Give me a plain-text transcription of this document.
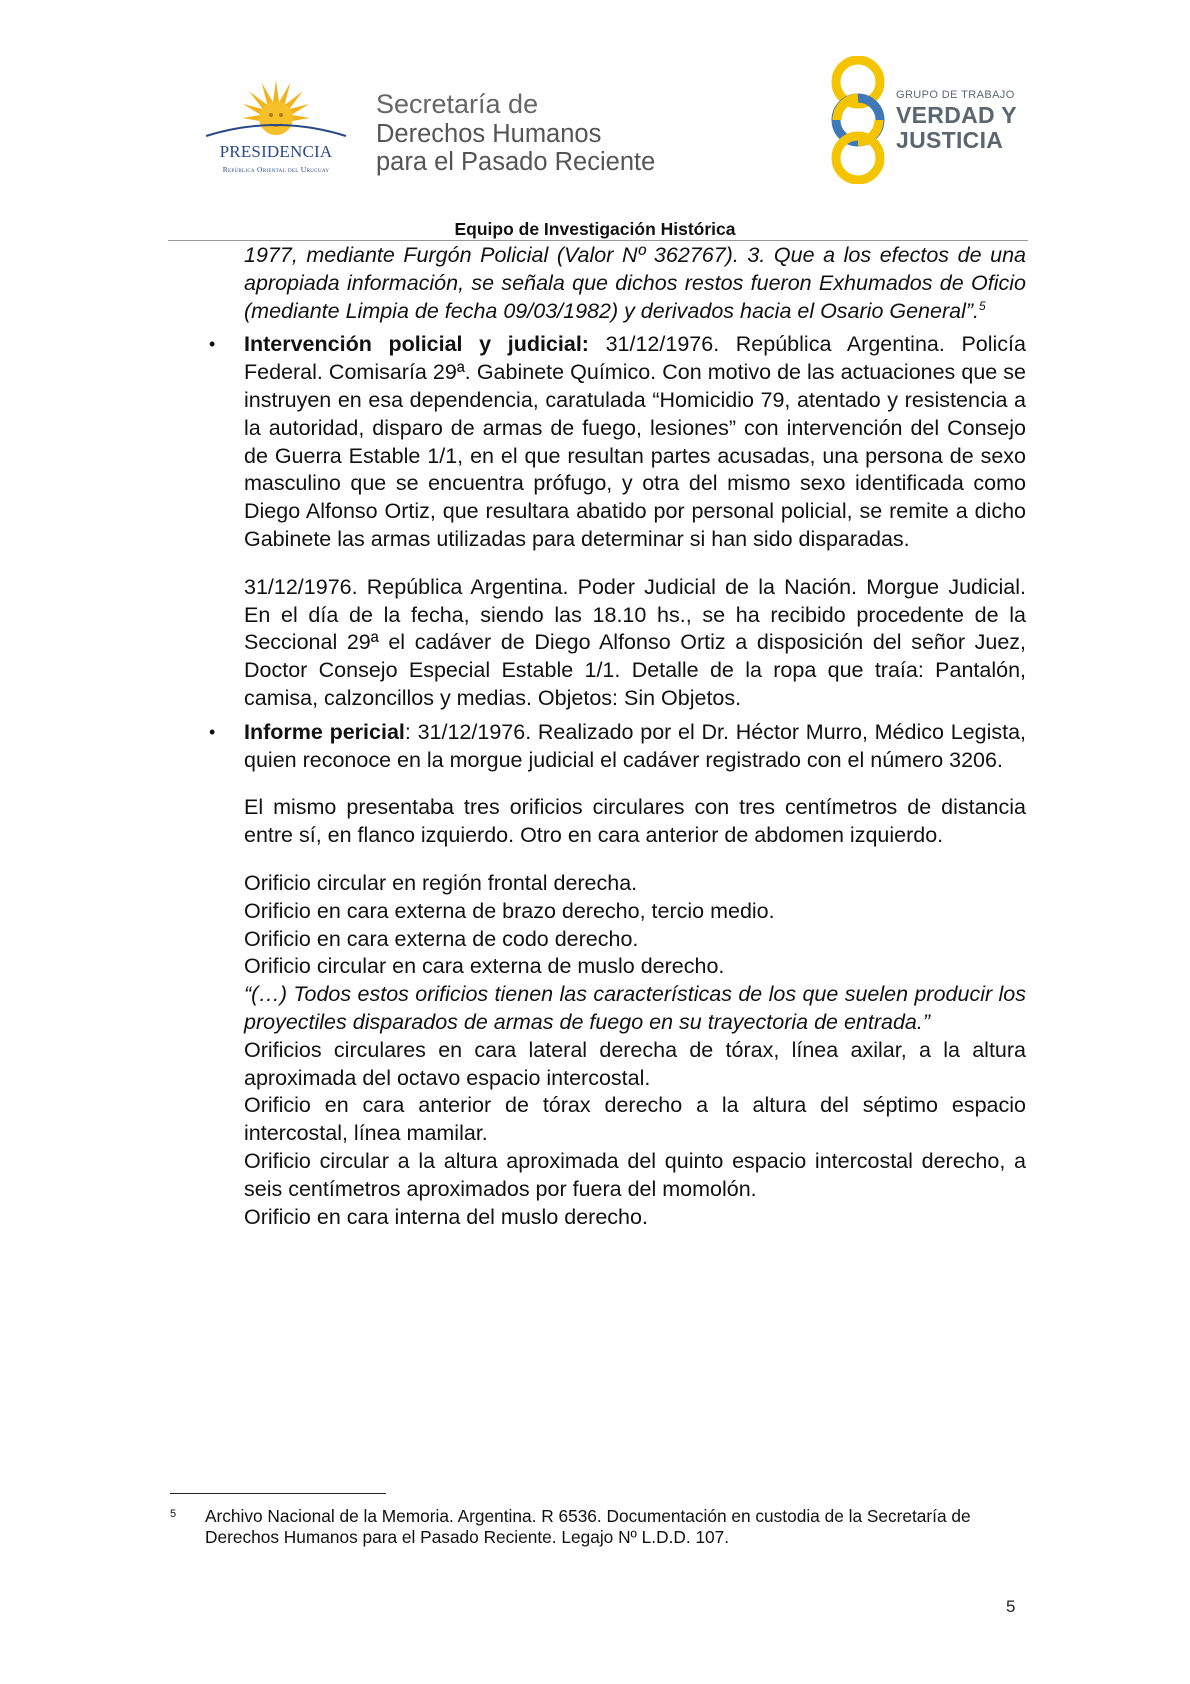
PRESIDENCIA
República Oriental del Uruguay
Secretaría de
Derechos Humanos
para el Pasado Reciente
GRUPO DE TRABAJO
VERDAD Y
JUSTICIA
Equipo de Investigación Histórica

1977, mediante Furgón Policial (Valor Nº 362767). 3. Que a los efectos de una apropiada información, se señala que dichos restos fueron Exhumados de Oficio (mediante Limpia de fecha 09/03/1982) y derivados hacia el Osario General”.$^5$

• Intervención policial y judicial: 31/12/1976. República Argentina. Policía Federal. Comisaría 29ª. Gabinete Químico. Con motivo de las actuaciones que se instruyen en esa dependencia, caratulada “Homicidio 79, atentado y resistencia a la autoridad, disparo de armas de fuego, lesiones” con intervención del Consejo de Guerra Estable 1/1, en el que resultan partes acusadas, una persona de sexo masculino que se encuentra prófugo, y otra del mismo sexo identificada como Diego Alfonso Ortiz, que resultara abatido por personal policial, se remite a dicho Gabinete las armas utilizadas para determinar si han sido disparadas.

31/12/1976. República Argentina. Poder Judicial de la Nación. Morgue Judicial. En el día de la fecha, siendo las 18.10 hs., se ha recibido procedente de la Seccional 29ª el cadáver de Diego Alfonso Ortiz a disposición del señor Juez, Doctor Consejo Especial Estable 1/1. Detalle de la ropa que traía: Pantalón, camisa, calzoncillos y medias. Objetos: Sin Objetos.

• Informe pericial: 31/12/1976. Realizado por el Dr. Héctor Murro, Médico Legista, quien reconoce en la morgue judicial el cadáver registrado con el número 3206.

El mismo presentaba tres orificios circulares con tres centímetros de distancia entre sí, en flanco izquierdo. Otro en cara anterior de abdomen izquierdo.

Orificio circular en región frontal derecha.

Orificio en cara externa de brazo derecho, tercio medio.

Orificio en cara externa de codo derecho.

Orificio circular en cara externa de muslo derecho.

“(…) Todos estos orificios tienen las características de los que suelen producir los proyectiles disparados de armas de fuego en su trayectoria de entrada.”

Orificios circulares en cara lateral derecha de tórax, línea axilar, a la altura aproximada del octavo espacio intercostal.

Orificio en cara anterior de tórax derecho a la altura del séptimo espacio intercostal, línea mamilar.

Orificio circular a la altura aproximada del quinto espacio intercostal derecho, a seis centímetros aproximados por fuera del momolón.

Orificio en cara interna del muslo derecho.

5 Archivo Nacional de la Memoria. Argentina. R 6536. Documentación en custodia de la Secretaría de Derechos Humanos para el Pasado Reciente. Legajo Nº L.D.D. 107.
5
